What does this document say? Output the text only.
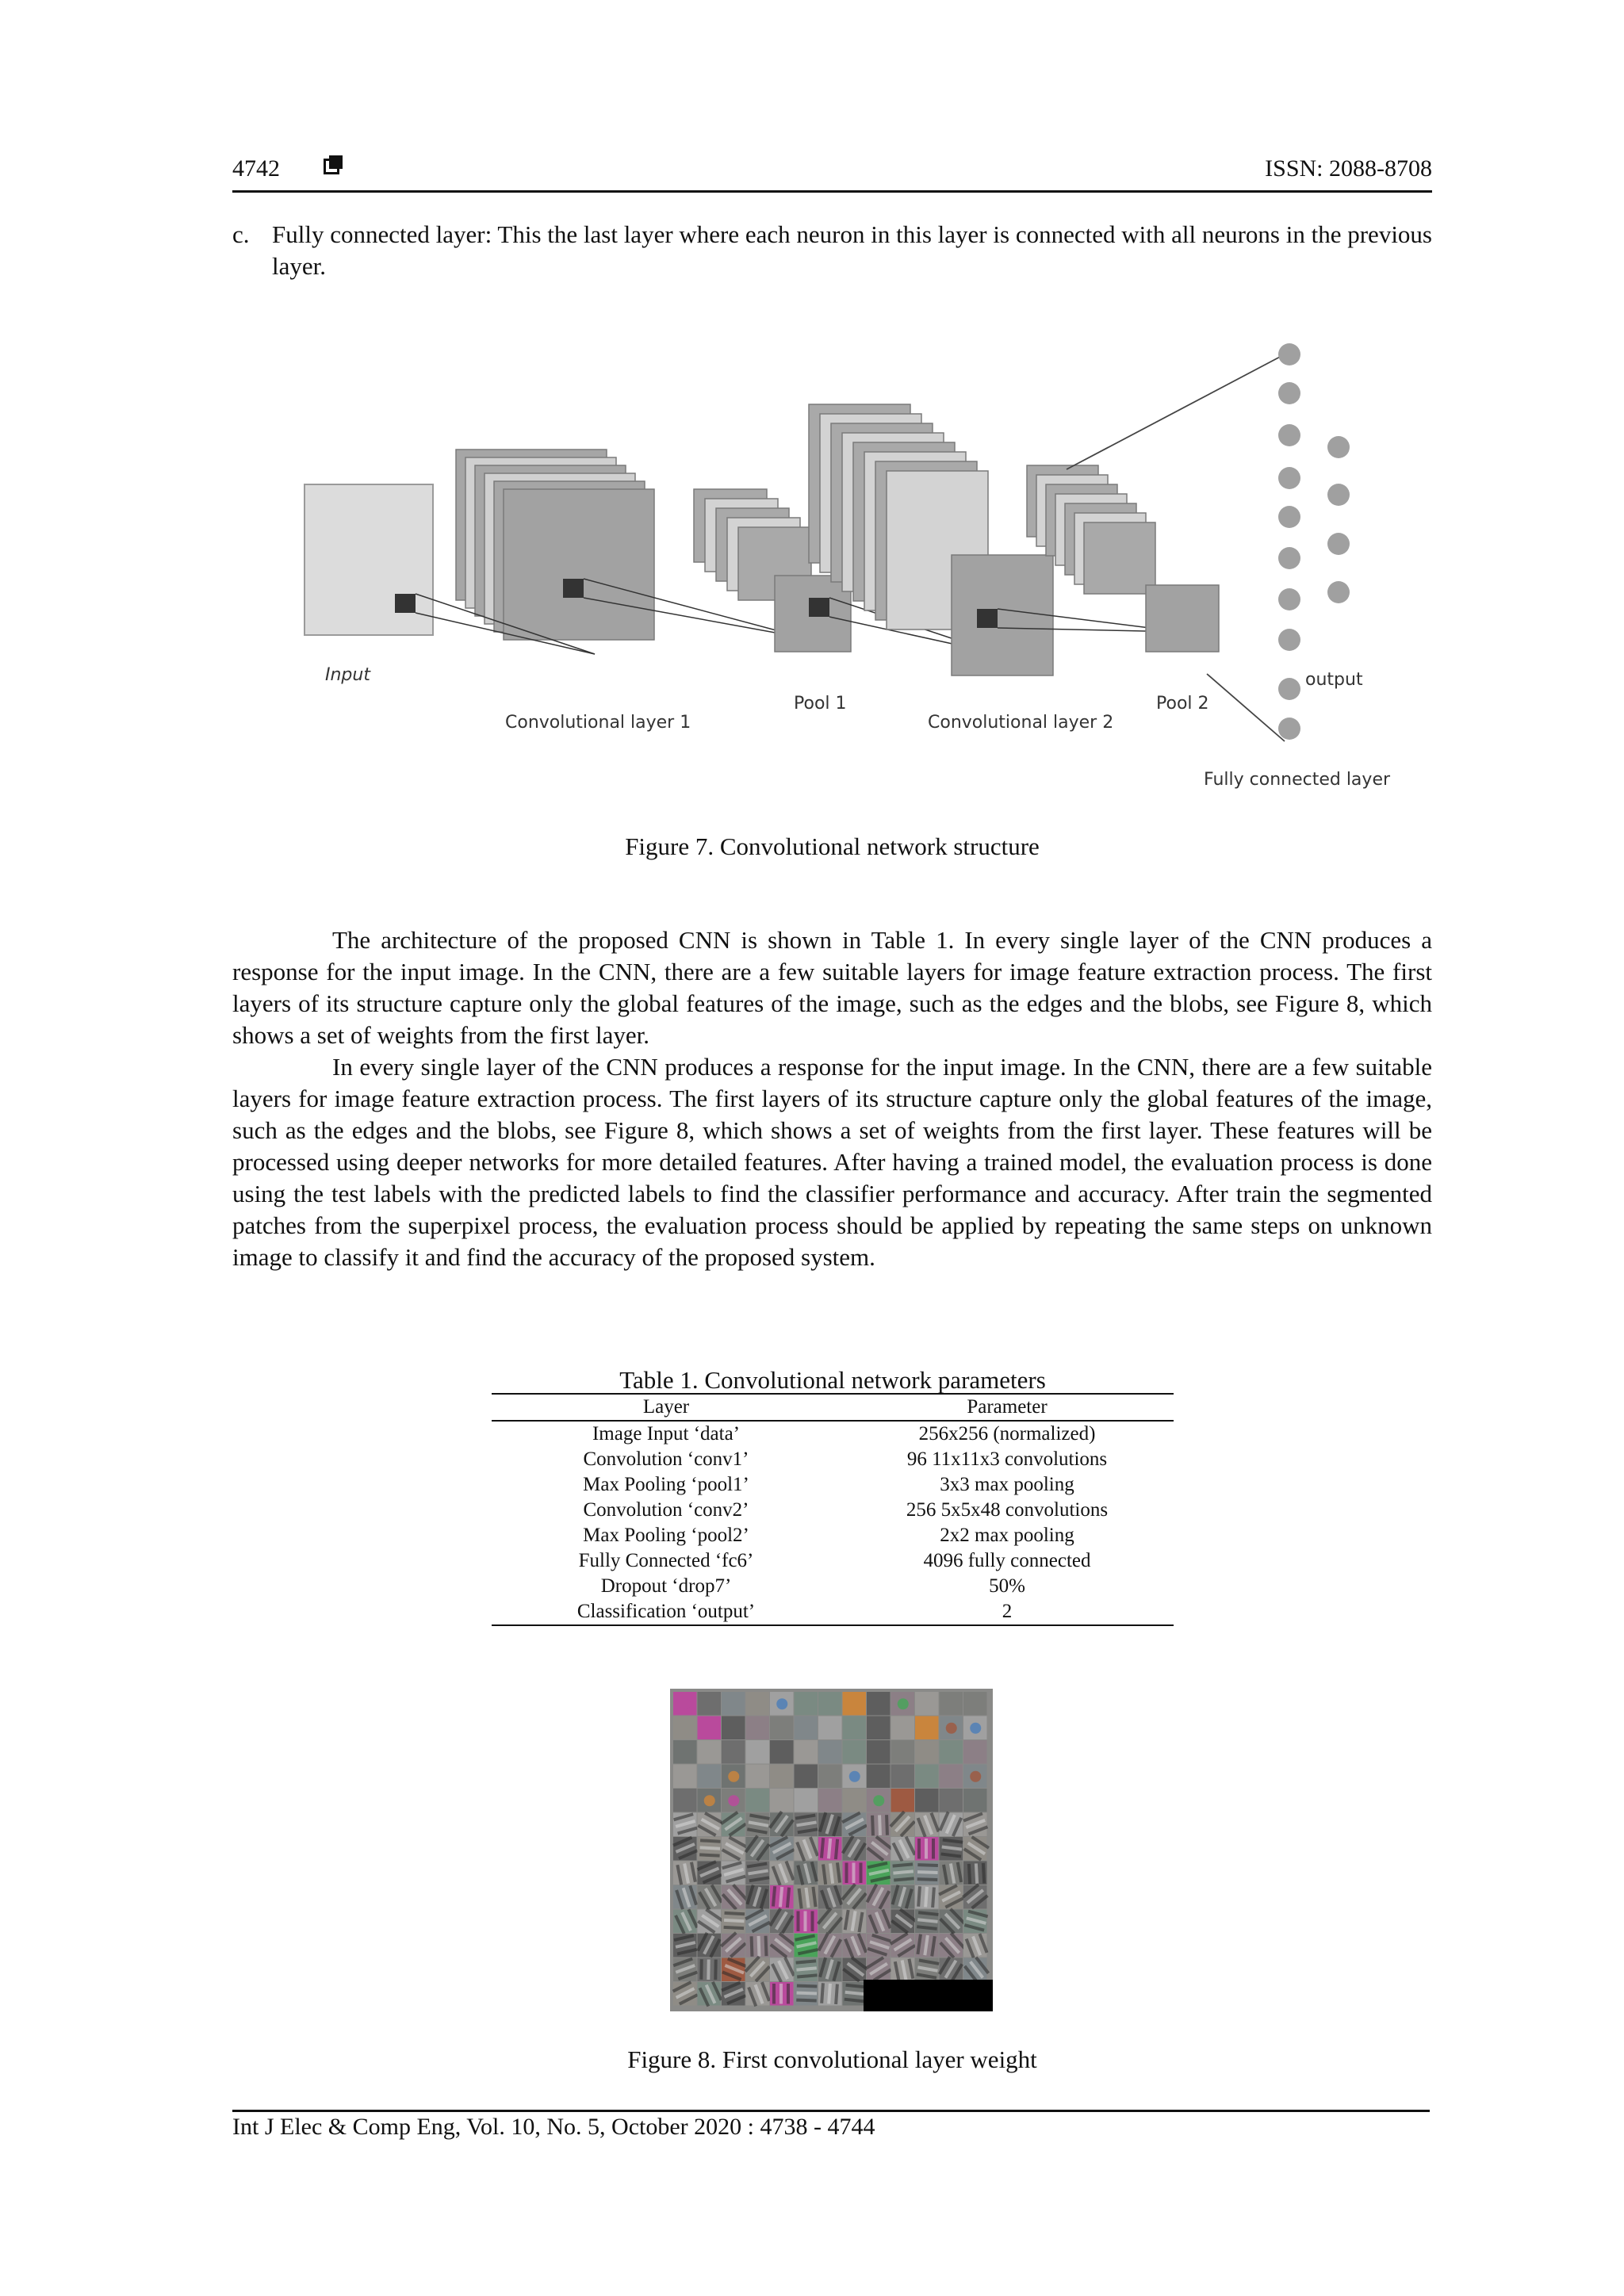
4742	ISSN: 2088-8708
c. Fully connected layer: This the last layer where each neuron in this layer is connected with all neurons in the previous layer.
Input
Convolutional layer 1
Pool 1
Convolutional layer 2
Pool 2
output
Fully connected layer
Figure 7. Convolutional network structure

The architecture of the proposed CNN is shown in Table 1. In every single layer of the CNN produces a response for the input image. In the CNN, there are a few suitable layers for image feature extraction process. The first layers of its structure capture only the global features of the image, such as the edges and the blobs, see Figure 8, which shows a set of weights from the first layer.

In every single layer of the CNN produces a response for the input image. In the CNN, there are a few suitable layers for image feature extraction process. The first layers of its structure capture only the global features of the image, such as the edges and the blobs, see Figure 8, which shows a set of weights from the first layer. These features will be processed using deeper networks for more detailed features. After having a trained model, the evaluation process is done using the test labels with the predicted labels to find the classifier performance and accuracy. After train the segmented patches from the superpixel process, the evaluation process should be applied by repeating the same steps on unknown image to classify it and find the accuracy of the proposed system.

Table 1. Convolutional network parameters
Layer	Parameter
Image Input ‘data’	256x256 (normalized)
Convolution ‘conv1’	96 11x11x3 convolutions
Max Pooling ‘pool1’	3x3 max pooling
Convolution ‘conv2’	256 5x5x48 convolutions
Max Pooling ‘pool2’	2x2 max pooling
Fully Connected ‘fc6’	4096 fully connected
Dropout ‘drop7’	50%
Classification ‘output’	2
Figure 8. First convolutional layer weight
Int J Elec & Comp Eng, Vol. 10, No. 5, October 2020 : 4738 - 4744
